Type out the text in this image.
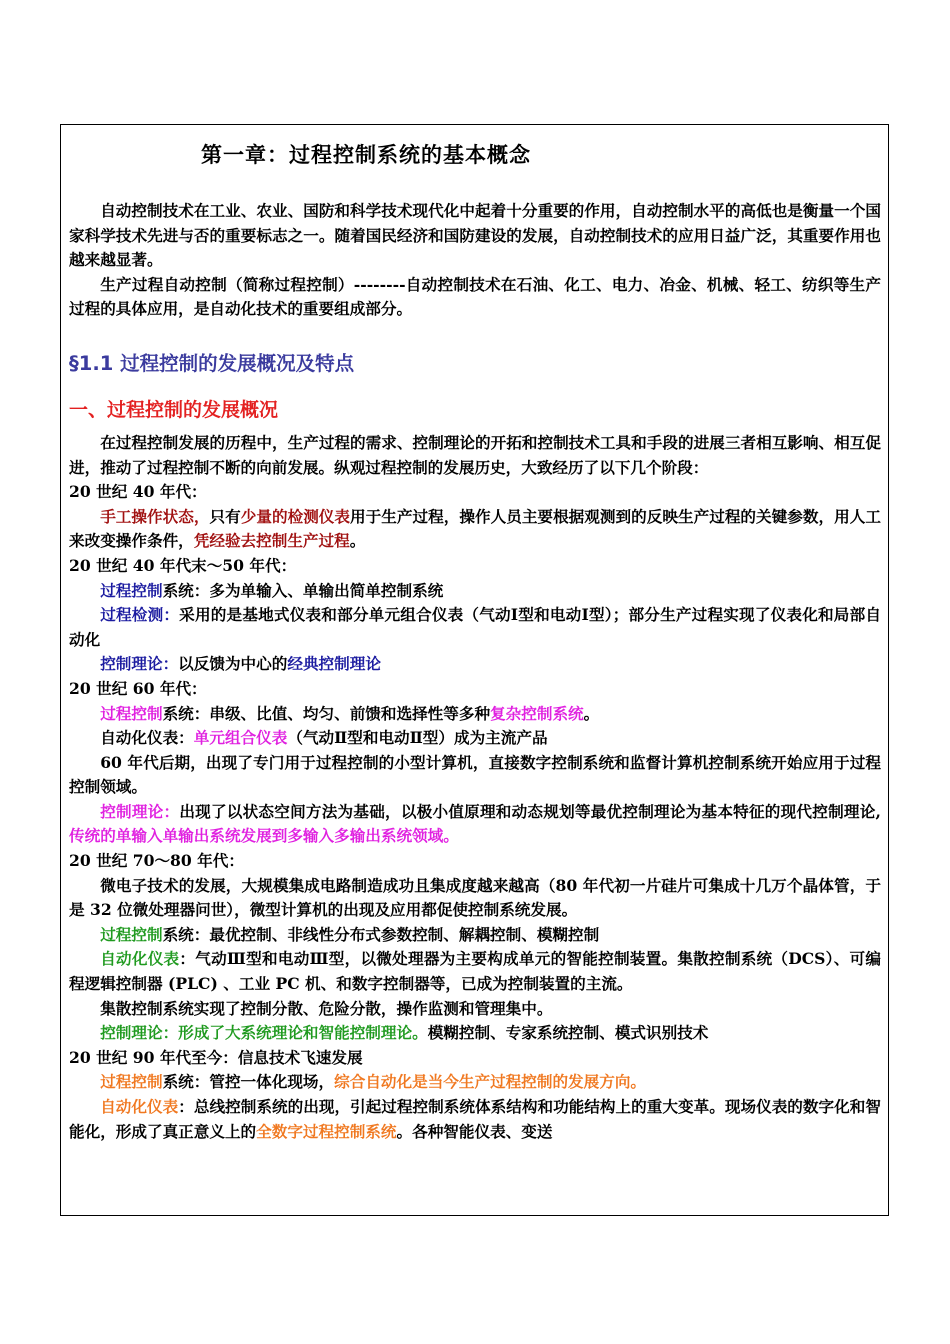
第一章：过程控制系统的基本概念

自动控制技术在工业、农业、国防和科学技术现代化中起着十分重要的作用，自动控制水平的高低也是衡量一个国家科学技术先进与否的重要标志之一。随着国民经济和国防建设的发展，自动控制技术的应用日益广泛，其重要作用也越来越显著。

生产过程自动控制（简称过程控制）--------自动控制技术在石油、化工、电力、冶金、机械、轻工、纺织等生产过程的具体应用，是自动化技术的重要组成部分。

§1.1 过程控制的发展概况及特点
一、过程控制的发展概况

在过程控制发展的历程中，生产过程的需求、控制理论的开拓和控制技术工具和手段的进展三者相互影响、相互促进，推动了过程控制不断的向前发展。纵观过程控制的发展历史，大致经历了以下几个阶段：

20 世纪 40 年代：

手工操作状态，只有少量的检测仪表用于生产过程，操作人员主要根据观测到的反映生产过程的关键参数，用人工来改变操作条件，凭经验去控制生产过程。

20 世纪 40 年代末～50 年代：

过程控制系统：多为单输入、单输出简单控制系统

过程检测：采用的是基地式仪表和部分单元组合仪表（气动Ⅰ型和电动Ⅰ型）；部分生产过程实现了仪表化和局部自动化

控制理论：以反馈为中心的经典控制理论

20 世纪 60 年代：

过程控制系统：串级、比值、均匀、前馈和选择性等多种复杂控制系统。

自动化仪表：单元组合仪表（气动Ⅱ型和电动Ⅱ型）成为主流产品

60 年代后期，出现了专门用于过程控制的小型计算机，直接数字控制系统和监督计算机控制系统开始应用于过程控制领域。

控制理论：出现了以状态空间方法为基础，以极小值原理和动态规划等最优控制理论为基本特征的现代控制理论,传统的单输入单输出系统发展到多输入多输出系统领域。

20 世纪 70～80 年代：

微电子技术的发展，大规模集成电路制造成功且集成度越来越高（80 年代初一片硅片可集成十几万个晶体管，于是 32 位微处理器问世），微型计算机的出现及应用都促使控制系统发展。

过程控制系统：最优控制、非线性分布式参数控制、解耦控制、模糊控制

自动化仪表：气动Ⅲ型和电动Ⅲ型，以微处理器为主要构成单元的智能控制装置。集散控制系统（DCS）、可编程逻辑控制器 (PLC) 、工业 PC 机、和数字控制器等，已成为控制装置的主流。

集散控制系统实现了控制分散、危险分散，操作监测和管理集中。

控制理论：形成了大系统理论和智能控制理论。模糊控制、专家系统控制、模式识别技术

20 世纪 90 年代至今：信息技术飞速发展

过程控制系统：管控一体化现场，综合自动化是当今生产过程控制的发展方向。

自动化仪表：总线控制系统的出现，引起过程控制系统体系结构和功能结构上的重大变革。现场仪表的数字化和智能化，形成了真正意义上的全数字过程控制系统。各种智能仪表、变送
